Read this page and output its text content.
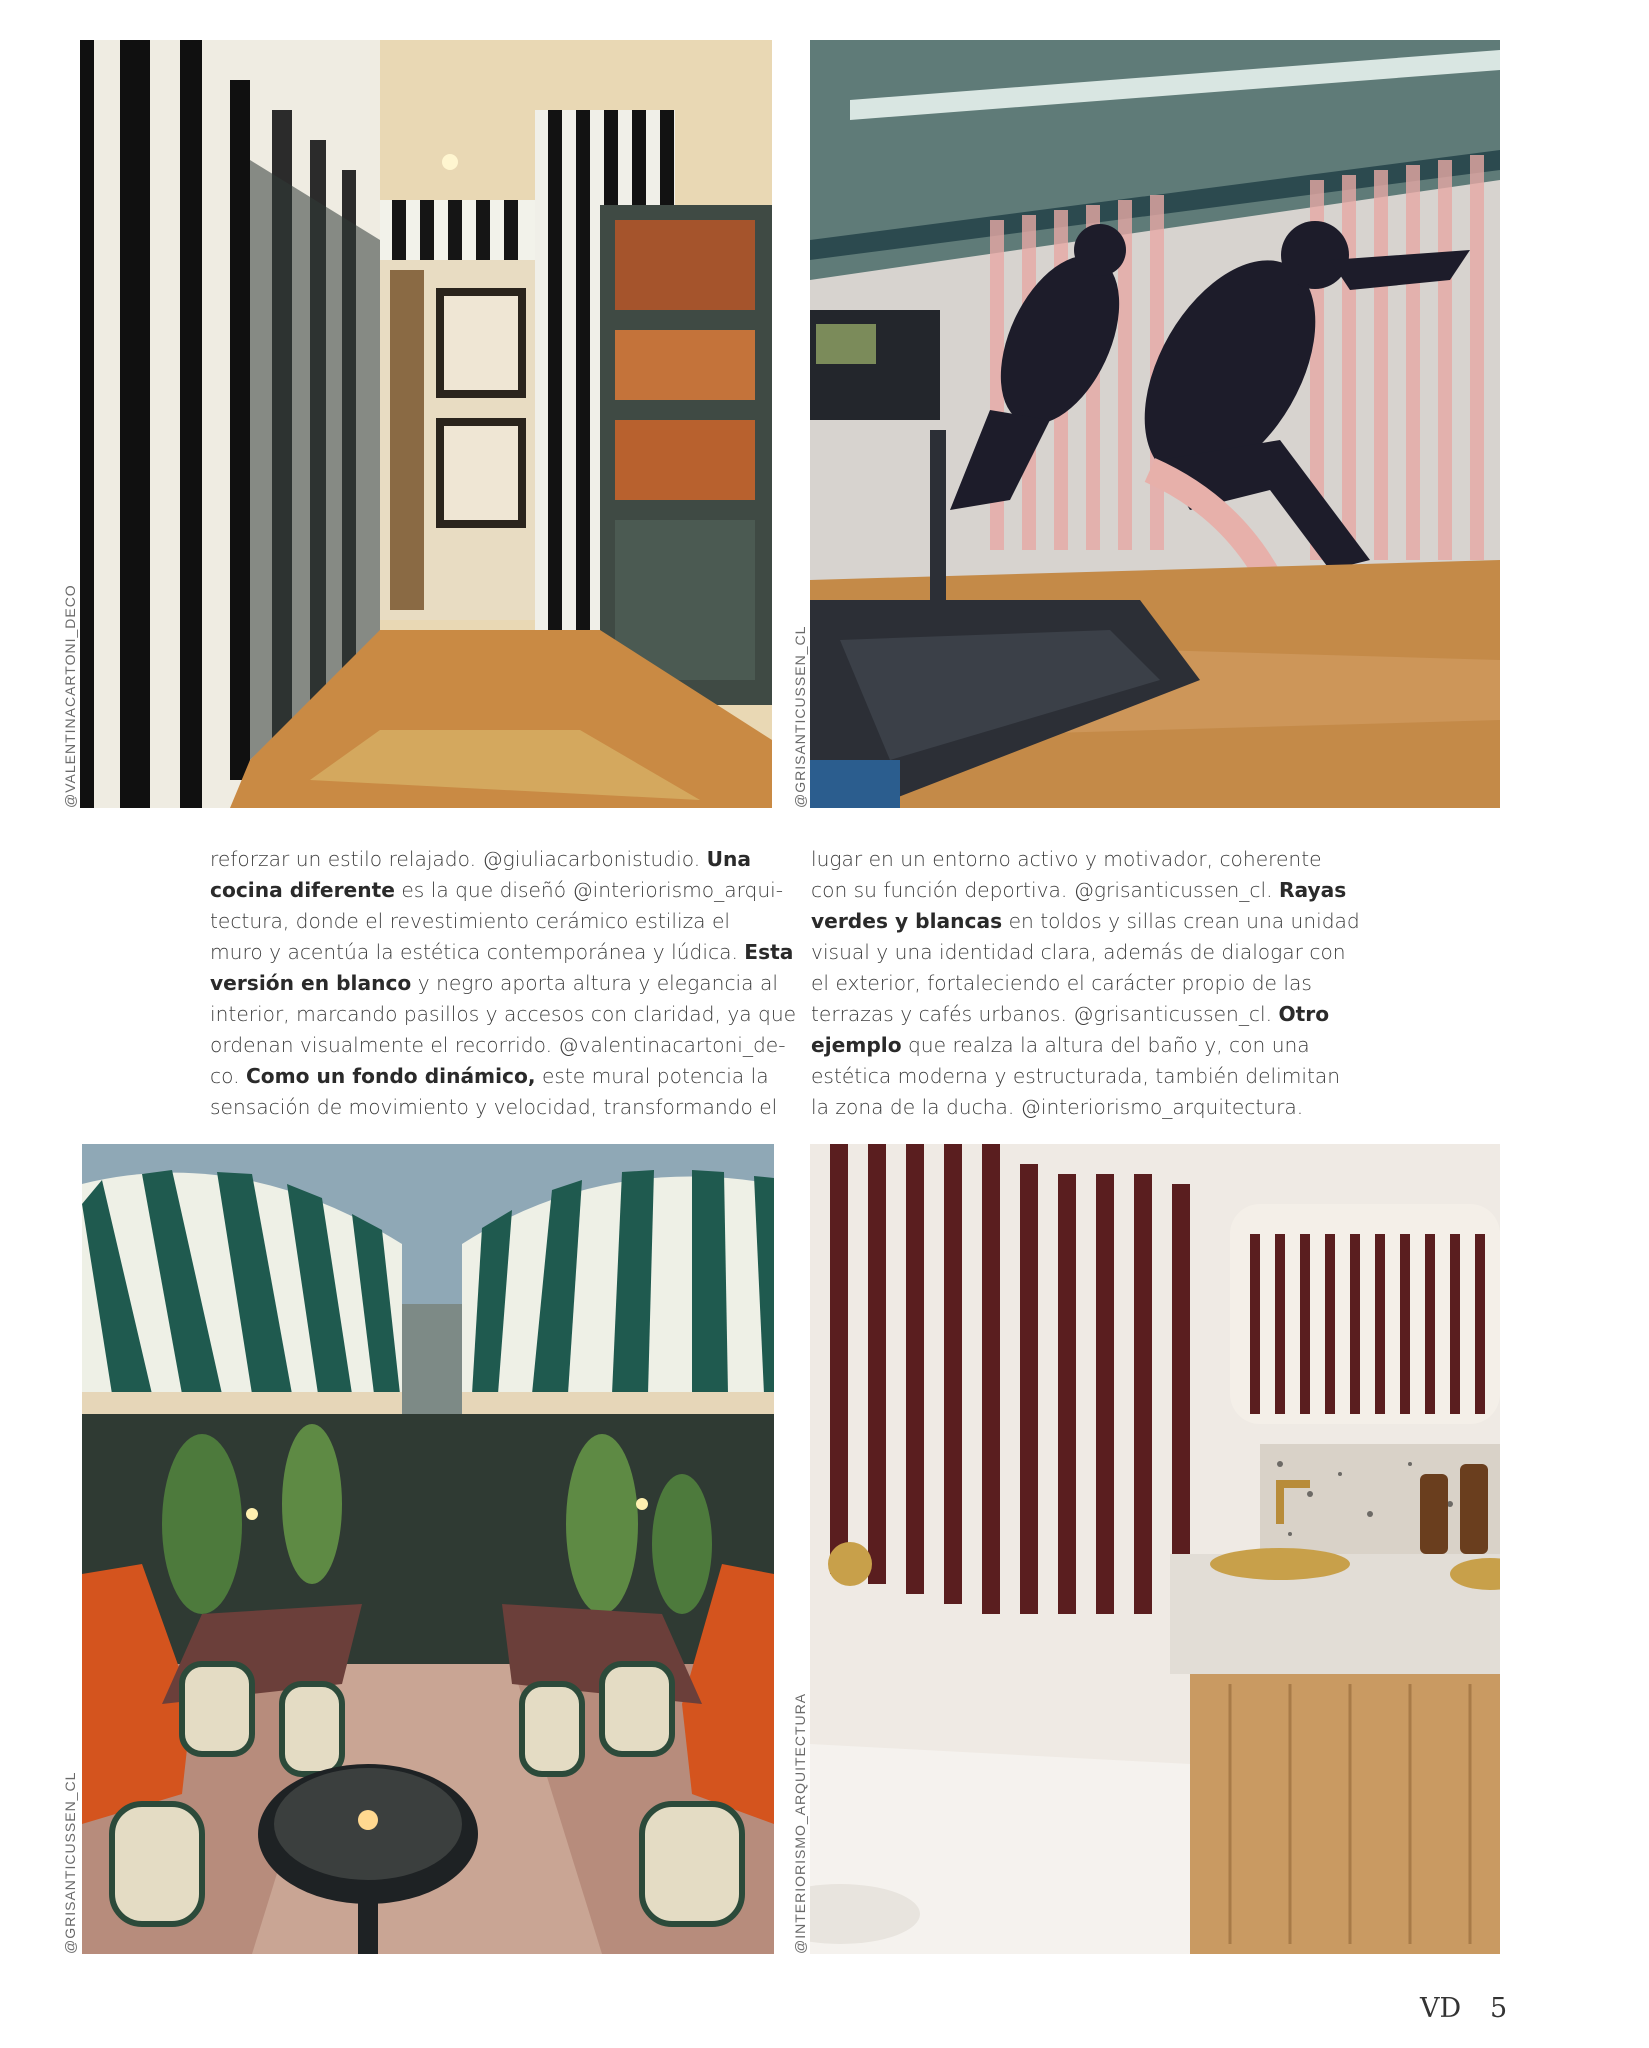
@VALENTINACARTONI_DECO	@GRISANTICUSSEN_CL
reforzar un estilo relajado. @giuliacarbonistudio. Una
cocina diferente es la que diseñó @interiorismo_arqui-
tectura, donde el revestimiento cerámico estiliza el
muro y acentúa la estética contemporánea y lúdica. Esta
versión en blanco y negro aporta altura y elegancia al
interior, marcando pasillos y accesos con claridad, ya que
ordenan visualmente el recorrido. @valentinacartoni_de-
co. Como un fondo dinámico, este mural potencia la
sensación de movimiento y velocidad, transformando el
lugar en un entorno activo y motivador, coherente
con su función deportiva. @grisanticussen_cl. Rayas
verdes y blancas en toldos y sillas crean una unidad
visual y una identidad clara, además de dialogar con
el exterior, fortaleciendo el carácter propio de las
terrazas y cafés urbanos. @grisanticussen_cl. Otro
ejemplo que realza la altura del baño y, con una
estética moderna y estructurada, también delimitan
la zona de la ducha. @interiorismo_arquitectura.
@GRISANTICUSSEN_CL	@INTERIORISMO_ARQUITECTURA
VD 5
